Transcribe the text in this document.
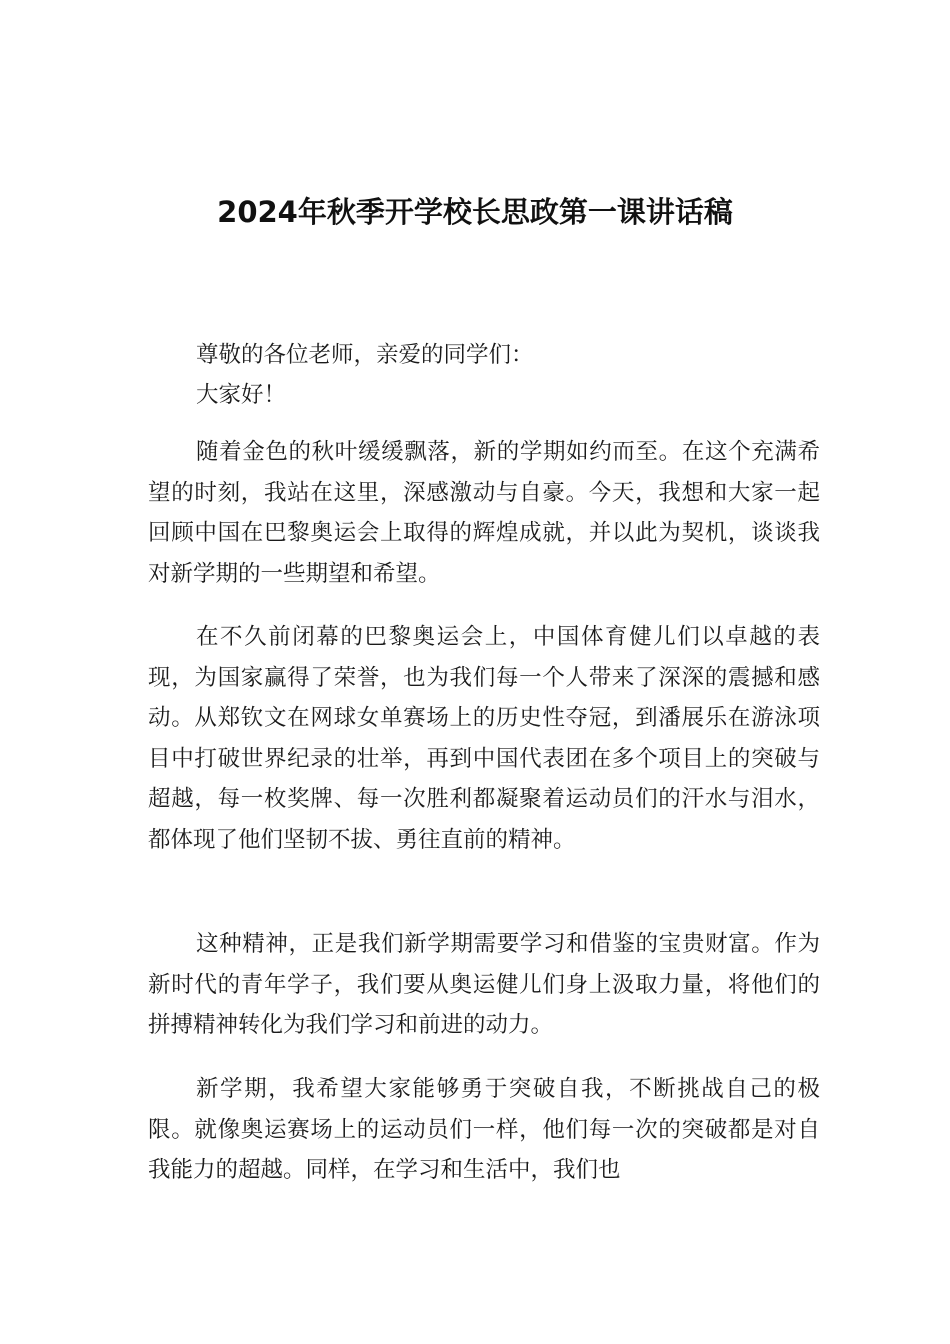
2024年秋季开学校长思政第一课讲话稿

尊敬的各位老师，亲爱的同学们：

大家好！

随着金色的秋叶缓缓飘落，新的学期如约而至。在这个充满希望的时刻，我站在这里，深感激动与自豪。今天，我想和大家一起回顾中国在巴黎奥运会上取得的辉煌成就，并以此为契机，谈谈我对新学期的一些期望和希望。

在不久前闭幕的巴黎奥运会上，中国体育健儿们以卓越的表现，为国家赢得了荣誉，也为我们每一个人带来了深深的震撼和感动。从郑钦文在网球女单赛场上的历史性夺冠，到潘展乐在游泳项目中打破世界纪录的壮举，再到中国代表团在多个项目上的突破与超越，每一枚奖牌、每一次胜利都凝聚着运动员们的汗水与泪水，都体现了他们坚韧不拔、勇往直前的精神。

这种精神，正是我们新学期需要学习和借鉴的宝贵财富。作为新时代的青年学子，我们要从奥运健儿们身上汲取力量，将他们的拼搏精神转化为我们学习和前进的动力。

新学期，我希望大家能够勇于突破自我，不断挑战自己的极限。就像奥运赛场上的运动员们一样，他们每一次的突破都是对自我能力的超越。同样，在学习和生活中，我们也
